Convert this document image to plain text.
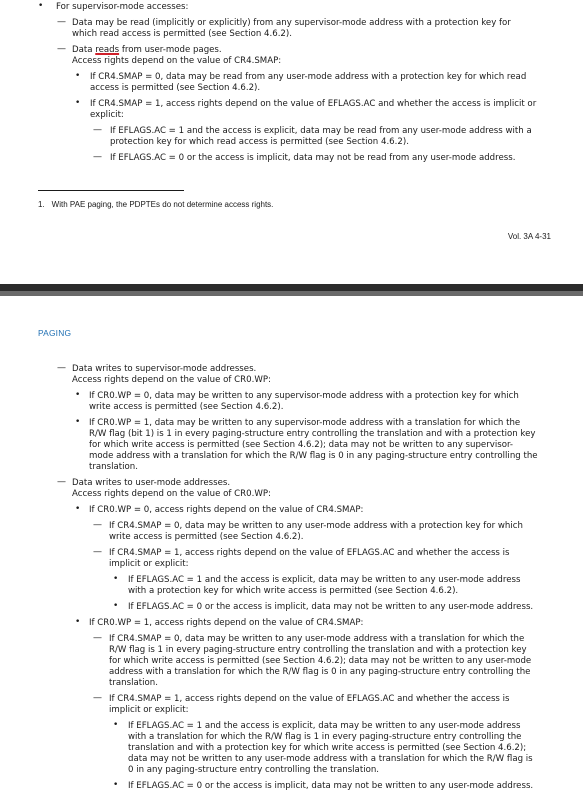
• For supervisor-mode accesses:
— Data may be read (implicitly or explicitly) from any supervisor-mode address with a protection key for
which read access is permitted (see Section 4.6.2).
— Data reads from user-mode pages.
Access rights depend on the value of CR4.SMAP:
• If CR4.SMAP = 0, data may be read from any user-mode address with a protection key for which read
access is permitted (see Section 4.6.2).
• If CR4.SMAP = 1, access rights depend on the value of EFLAGS.AC and whether the access is implicit or
explicit:
— If EFLAGS.AC = 1 and the access is explicit, data may be read from any user-mode address with a
protection key for which read access is permitted (see Section 4.6.2).
— If EFLAGS.AC = 0 or the access is implicit, data may not be read from any user-mode address.
1. With PAE paging, the PDPTEs do not determine access rights.
Vol. 3A 4-31
PAGING
— Data writes to supervisor-mode addresses.
Access rights depend on the value of CR0.WP:
• If CR0.WP = 0, data may be written to any supervisor-mode address with a protection key for which
write access is permitted (see Section 4.6.2).
• If CR0.WP = 1, data may be written to any supervisor-mode address with a translation for which the
R/W flag (bit 1) is 1 in every paging-structure entry controlling the translation and with a protection key
for which write access is permitted (see Section 4.6.2); data may not be written to any supervisor-
mode address with a translation for which the R/W flag is 0 in any paging-structure entry controlling the
translation.
— Data writes to user-mode addresses.
Access rights depend on the value of CR0.WP:
• If CR0.WP = 0, access rights depend on the value of CR4.SMAP:
— If CR4.SMAP = 0, data may be written to any user-mode address with a protection key for which
write access is permitted (see Section 4.6.2).
— If CR4.SMAP = 1, access rights depend on the value of EFLAGS.AC and whether the access is
implicit or explicit:
• If EFLAGS.AC = 1 and the access is explicit, data may be written to any user-mode address
with a protection key for which write access is permitted (see Section 4.6.2).
• If EFLAGS.AC = 0 or the access is implicit, data may not be written to any user-mode address.
• If CR0.WP = 1, access rights depend on the value of CR4.SMAP:
— If CR4.SMAP = 0, data may be written to any user-mode address with a translation for which the
R/W flag is 1 in every paging-structure entry controlling the translation and with a protection key
for which write access is permitted (see Section 4.6.2); data may not be written to any user-mode
address with a translation for which the R/W flag is 0 in any paging-structure entry controlling the
translation.
— If CR4.SMAP = 1, access rights depend on the value of EFLAGS.AC and whether the access is
implicit or explicit:
• If EFLAGS.AC = 1 and the access is explicit, data may be written to any user-mode address
with a translation for which the R/W flag is 1 in every paging-structure entry controlling the
translation and with a protection key for which write access is permitted (see Section 4.6.2);
data may not be written to any user-mode address with a translation for which the R/W flag is
0 in any paging-structure entry controlling the translation.
• If EFLAGS.AC = 0 or the access is implicit, data may not be written to any user-mode address.
